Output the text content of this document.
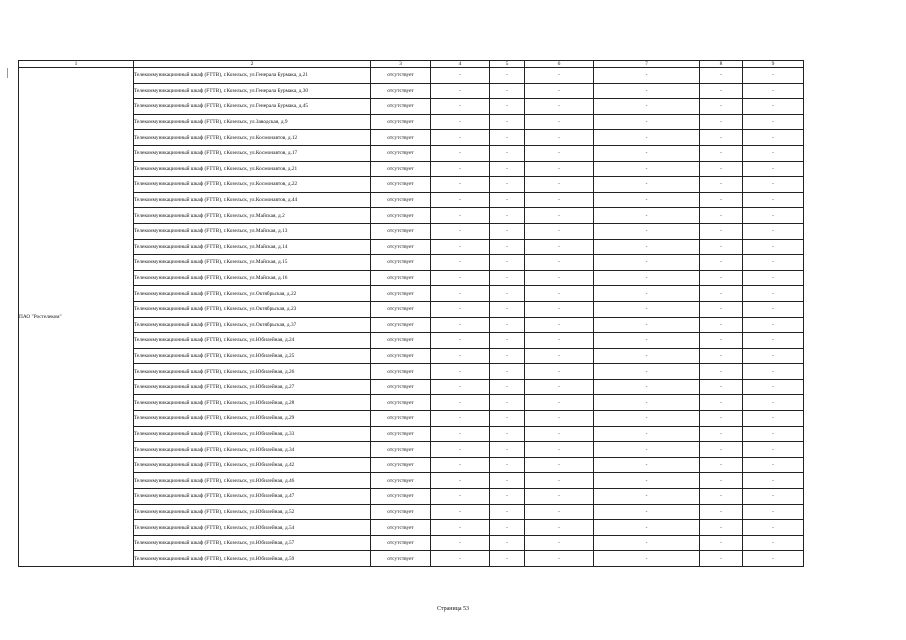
1	2	3	4	5	6	7	8	9
ПАО "Ростелеком"	Телекоммуникационный шкаф (FTTB), г.Козельск, ул.Генерала Бурмака, д.21	отсутствует	-	-	-	-	-	-
	Телекоммуникационный шкаф (FTTB), г.Козельск, ул.Генерала Бурмака, д.30	отсутствует	-	-	-	-	-	-
	Телекоммуникационный шкаф (FTTB), г.Козельск, ул.Генерала Бурмака, д.45	отсутствует	-	-	-	-	-	-
	Телекоммуникационный шкаф (FTTB), г.Козельск, ул.Заводская, д.9	отсутствует	-	-	-	-	-	-
	Телекоммуникационный шкаф (FTTB), г.Козельск, ул.Космонавтов, д.12	отсутствует	-	-	-	-	-	-
	Телекоммуникационный шкаф (FTTB), г.Козельск, ул.Космонавтов, д.17	отсутствует	-	-	-	-	-	-
	Телекоммуникационный шкаф (FTTB), г.Козельск, ул.Космонавтов, д.21	отсутствует	-	-	-	-	-	-
	Телекоммуникационный шкаф (FTTB), г.Козельск, ул.Космонавтов, д.22	отсутствует	-	-	-	-	-	-
	Телекоммуникационный шкаф (FTTB), г.Козельск, ул.Космонавтов, д.44	отсутствует	-	-	-	-	-	-
	Телекоммуникационный шкаф (FTTB), г.Козельск, ул.Майская, д.2	отсутствует	-	-	-	-	-	-
	Телекоммуникационный шкаф (FTTB), г.Козельск, ул.Майская, д.13	отсутствует	-	-	-	-	-	-
	Телекоммуникационный шкаф (FTTB), г.Козельск, ул.Майская, д.14	отсутствует	-	-	-	-	-	-
	Телекоммуникационный шкаф (FTTB), г.Козельск, ул.Майская, д.15	отсутствует	-	-	-	-	-	-
	Телекоммуникационный шкаф (FTTB), г.Козельск, ул.Майская, д.16	отсутствует	-	-	-	-	-	-
	Телекоммуникационный шкаф (FTTB), г.Козельск, ул.Октябрьская, д.22	отсутствует	-	-	-	-	-	-
	Телекоммуникационный шкаф (FTTB), г.Козельск, ул.Октябрьская, д.23	отсутствует	-	-	-	-	-	-
	Телекоммуникационный шкаф (FTTB), г.Козельск, ул.Октябрьская, д.37	отсутствует	-	-	-	-	-	-
	Телекоммуникационный шкаф (FTTB), г.Козельск, ул.Юбилейная, д.24	отсутствует	-	-	-	-	-	-
	Телекоммуникационный шкаф (FTTB), г.Козельск, ул.Юбилейная, д.25	отсутствует	-	-	-	-	-	-
	Телекоммуникационный шкаф (FTTB), г.Козельск, ул.Юбилейная, д.26	отсутствует	-	-	-	-	-	-
	Телекоммуникационный шкаф (FTTB), г.Козельск, ул.Юбилейная, д.27	отсутствует	-	-	-	-	-	-
	Телекоммуникационный шкаф (FTTB), г.Козельск, ул.Юбилейная, д.28	отсутствует	-	-	-	-	-	-
	Телекоммуникационный шкаф (FTTB), г.Козельск, ул.Юбилейная, д.29	отсутствует	-	-	-	-	-	-
	Телекоммуникационный шкаф (FTTB), г.Козельск, ул.Юбилейная, д.33	отсутствует	-	-	-	-	-	-
	Телекоммуникационный шкаф (FTTB), г.Козельск, ул.Юбилейная, д.34	отсутствует	-	-	-	-	-	-
	Телекоммуникационный шкаф (FTTB), г.Козельск, ул.Юбилейная, д.42	отсутствует	-	-	-	-	-	-
	Телекоммуникационный шкаф (FTTB), г.Козельск, ул.Юбилейная, д.46	отсутствует	-	-	-	-	-	-
	Телекоммуникационный шкаф (FTTB), г.Козельск, ул.Юбилейная, д.47	отсутствует	-	-	-	-	-	-
	Телекоммуникационный шкаф (FTTB), г.Козельск, ул.Юбилейная, д.52	отсутствует	-	-	-	-	-	-
	Телекоммуникационный шкаф (FTTB), г.Козельск, ул.Юбилейная, д.54	отсутствует	-	-	-	-	-	-
	Телекоммуникационный шкаф (FTTB), г.Козельск, ул.Юбилейная, д.57	отсутствует	-	-	-	-	-	-
	Телекоммуникационный шкаф (FTTB), г.Козельск, ул.Юбилейная, д.59	отсутствует	-	-	-	-	-	-
Страница 53
